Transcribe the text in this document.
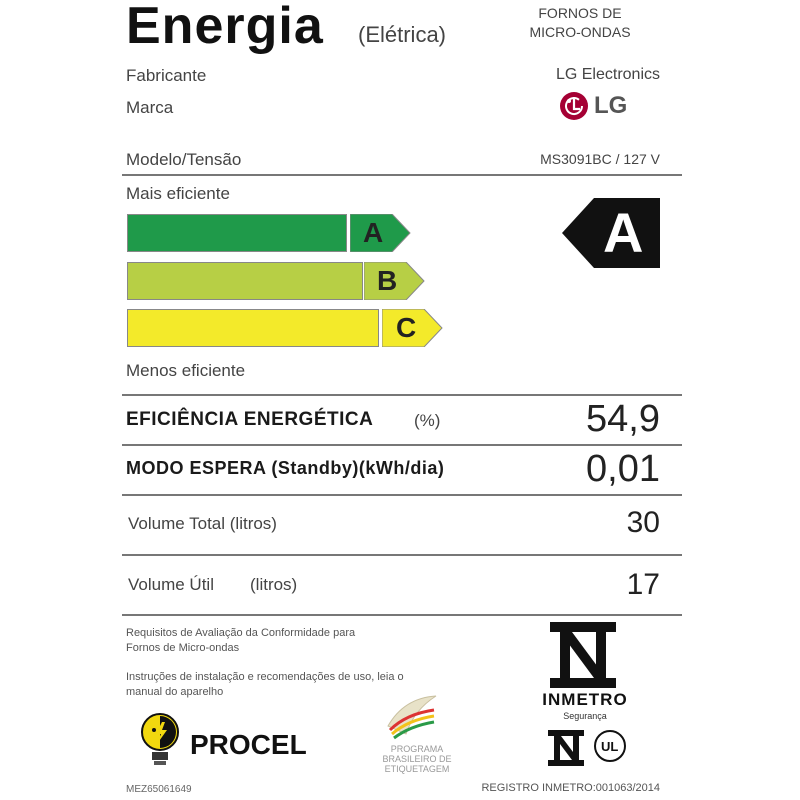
Energia (Elétrica)
FORNOS DE
MICRO-ONDAS
Fabricante	LG Electronics
Marca	LG
Modelo/Tensão	MS3091BC / 127 V
Mais eficiente
A
B
C
A
Menos eficiente
EFICIÊNCIA ENERGÉTICA (%)	54,9
MODO ESPERA (Standby)(kWh/dia)	0,01
Volume Total (litros)	30
Volume Útil (litros)	17
Requisitos de Avaliação da Conformidade para
Fornos de Micro-ondas
Instruções de instalação e recomendações de uso, leia o
manual do aparelho
PROCEL	PROGRAMA
BRASILEIRO DE
ETIQUETAGEM
INMETRO
Segurança
UL
MEZ65061649	REGISTRO INMETRO:001063/2014
